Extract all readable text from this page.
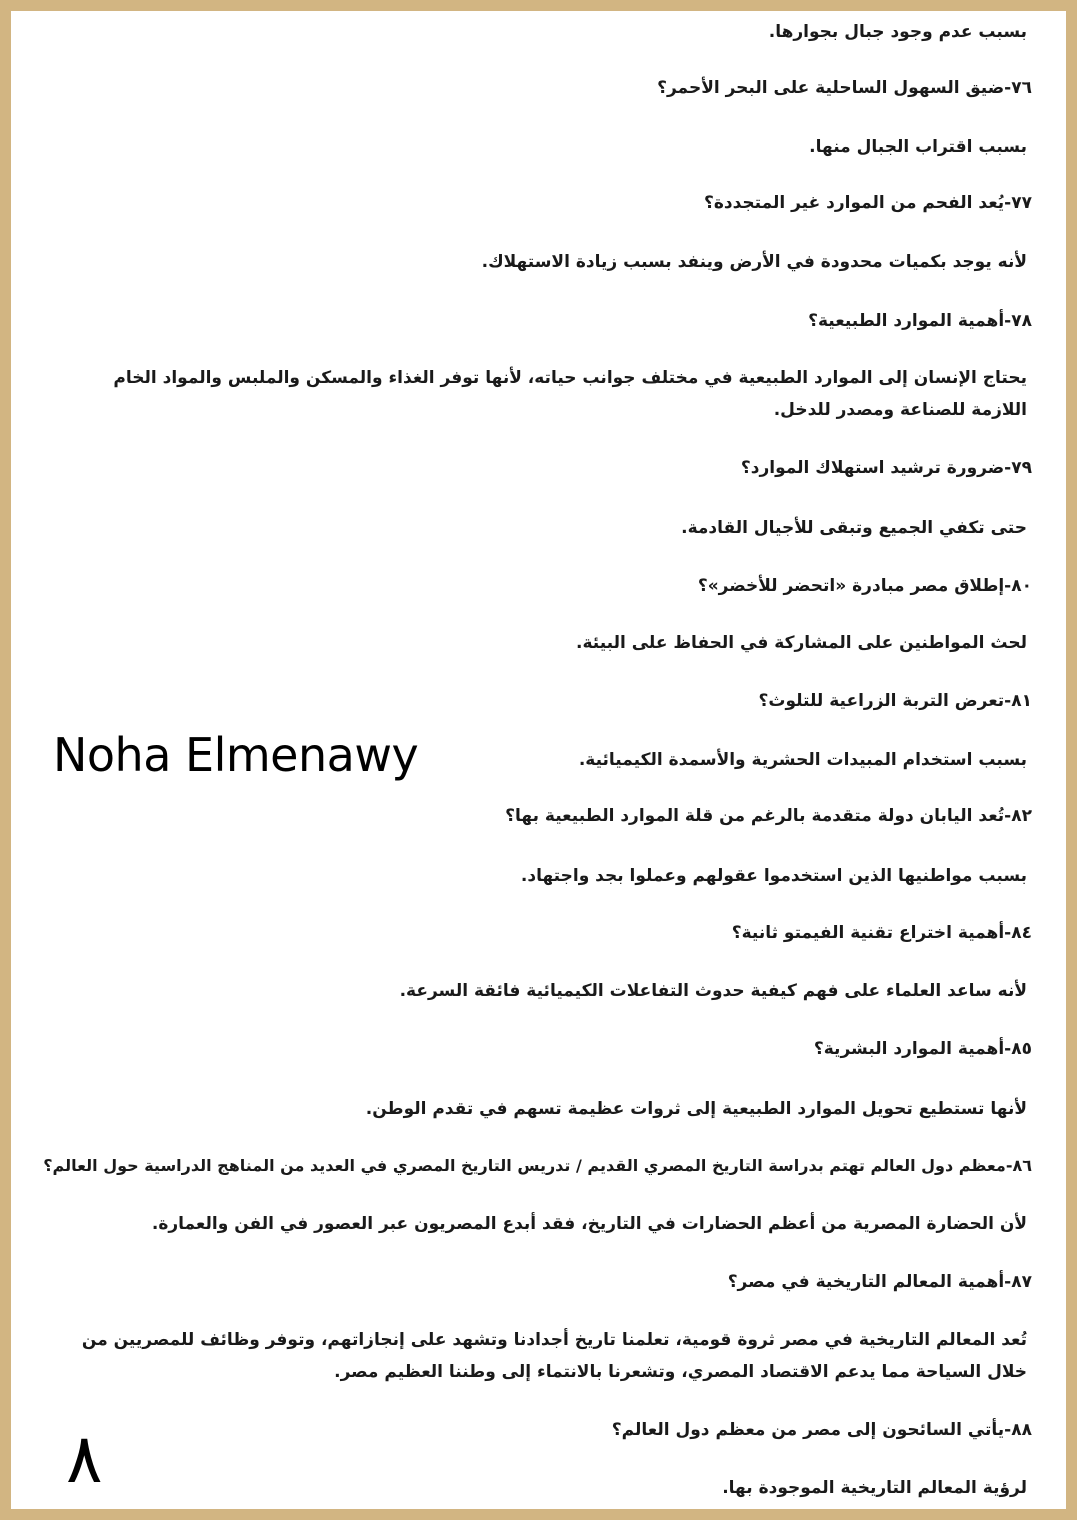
بسبب عدم وجود جبال بجوارها.
٧٦-ضيق السهول الساحلية على البحر الأحمر؟
بسبب اقتراب الجبال منها.
٧٧-يُعد الفحم من الموارد غير المتجددة؟
لأنه يوجد بكميات محدودة في الأرض وينفد بسبب زيادة الاستهلاك.
٧٨-أهمية الموارد الطبيعية؟
يحتاج الإنسان إلى الموارد الطبيعية في مختلف جوانب حياته، لأنها توفر الغذاء والمسكن والملبس والمواد الخام اللازمة للصناعة ومصدر للدخل.
٧٩-ضرورة ترشيد استهلاك الموارد؟
حتى تكفي الجميع وتبقى للأجيال القادمة.
٨٠-إطلاق مصر مبادرة «اتحضر للأخضر»؟
لحث المواطنين على المشاركة في الحفاظ على البيئة.
٨١-تعرض التربة الزراعية للتلوث؟
بسبب استخدام المبيدات الحشرية والأسمدة الكيميائية.
٨٢-تُعد اليابان دولة متقدمة بالرغم من قلة الموارد الطبيعية بها؟
بسبب مواطنيها الذين استخدموا عقولهم وعملوا بجد واجتهاد.
٨٤-أهمية اختراع تقنية الفيمتو ثانية؟
لأنه ساعد العلماء على فهم كيفية حدوث التفاعلات الكيميائية فائقة السرعة.
٨٥-أهمية الموارد البشرية؟
لأنها تستطيع تحويل الموارد الطبيعية إلى ثروات عظيمة تسهم في تقدم الوطن.
٨٦-معظم دول العالم تهتم بدراسة التاريخ المصري القديم / تدريس التاريخ المصري في العديد من المناهج الدراسية حول العالم؟
لأن الحضارة المصرية من أعظم الحضارات في التاريخ، فقد أبدع المصريون عبر العصور في الفن والعمارة.
٨٧-أهمية المعالم التاريخية في مصر؟
تُعد المعالم التاريخية في مصر ثروة قومية، تعلمنا تاريخ أجدادنا وتشهد على إنجازاتهم، وتوفر وظائف للمصريين من خلال السياحة مما يدعم الاقتصاد المصري، وتشعرنا بالانتماء إلى وطننا العظيم مصر.
٨٨-يأتي السائحون إلى مصر من معظم دول العالم؟
لرؤية المعالم التاريخية الموجودة بها.
Noha Elmenawy
٨
